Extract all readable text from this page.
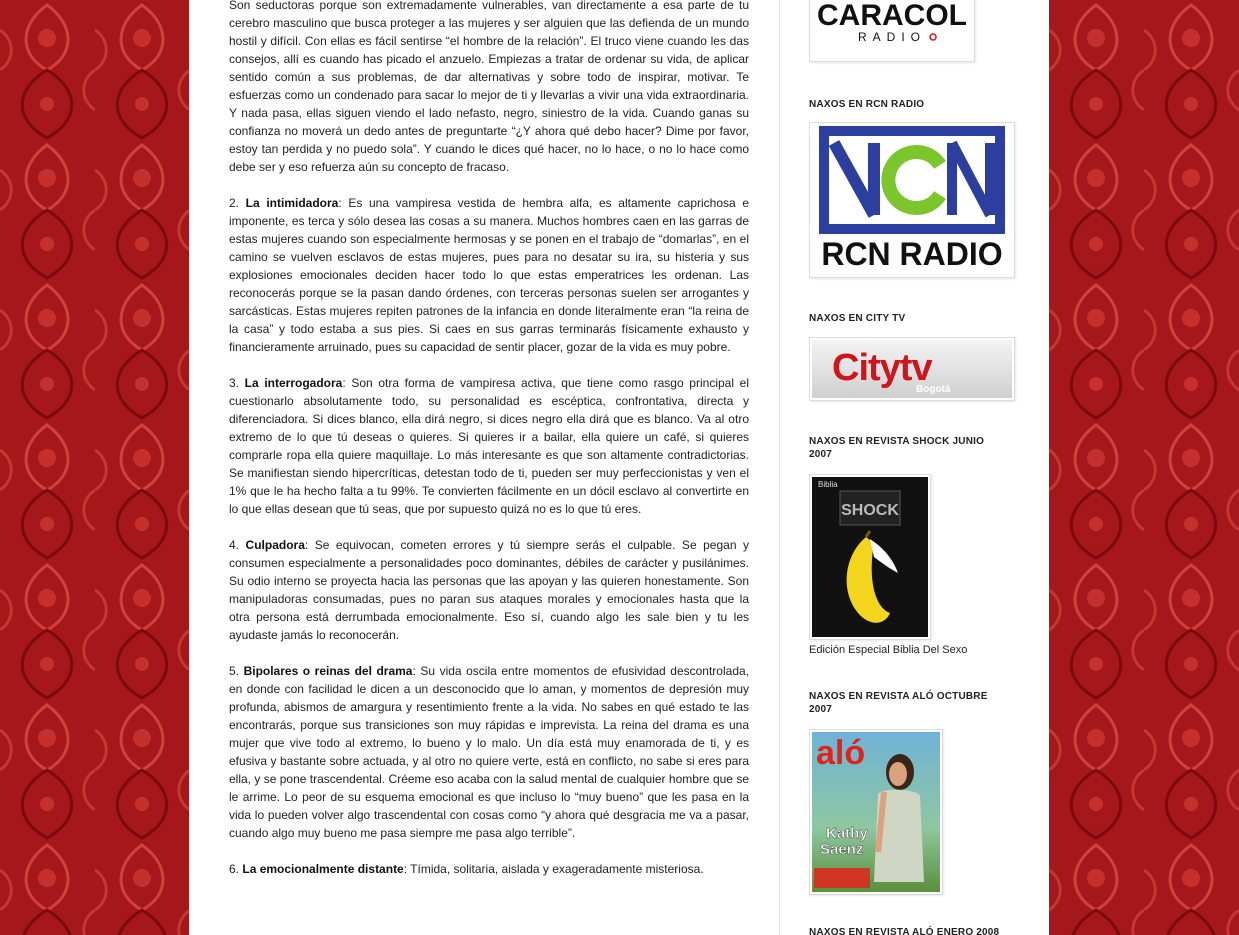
Son seductoras porque son extremadamente vulnerables, van directamente a esa parte de tu cerebro masculino que busca proteger a las mujeres y ser alguien que las defienda de un mundo hostil y difícil. Con ellas es fácil sentirse “el hombre de la relación”. El truco viene cuando les das consejos, allí es cuando has picado el anzuelo. Empiezas a tratar de ordenar su vida, de aplicar sentido común a sus problemas, de dar alternativas y sobre todo de inspirar, motivar. Te esfuerzas como un condenado para sacar lo mejor de ti y llevarlas a vivir una vida extraordinaria. Y nada pasa, ellas siguen viendo el lado nefasto, negro, siniestro de la vida. Cuando ganas su confianza no moverá un dedo antes de preguntarte “¿Y ahora qué debo hacer? Dime por favor, estoy tan perdida y no puedo sola”. Y cuando le dices qué hacer, no lo hace, o no lo hace como debe ser y eso refuerza aún su concepto de fracaso.

2. La intimidadora: Es una vampiresa vestida de hembra alfa, es altamente caprichosa e imponente, es terca y sólo desea las cosas a su manera. Muchos hombres caen en las garras de estas mujeres cuando son especialmente hermosas y se ponen en el trabajo de “domarlas”, en el camino se vuelven esclavos de estas mujeres, pues para no desatar su ira, su histeria y sus explosiones emocionales deciden hacer todo lo que estas emperatrices les ordenan. Las reconocerás porque se la pasan dando órdenes, con terceras personas suelen ser arrogantes y sarcásticas. Estas mujeres repiten patrones de la infancia en donde literalmente eran “la reina de la casa” y todo estaba a sus pies. Si caes en sus garras terminarás físicamente exhausto y financieramente arruinado, pues su capacidad de sentir placer, gozar de la vida es muy pobre.

3. La interrogadora: Son otra forma de vampiresa activa, que tiene como rasgo principal el cuestionarlo absolutamente todo, su personalidad es escéptica, confrontativa, directa y diferenciadora. Si dices blanco, ella dirá negro, si dices negro ella dirá que es blanco. Va al otro extremo de lo que tú deseas o quieres. Si quieres ir a bailar, ella quiere un café, si quieres comprarle ropa ella quiere maquillaje. Lo más interesante es que son altamente contradictorias. Se manifiestan siendo hipercríticas, detestan todo de ti, pueden ser muy perfeccionistas y ven el 1% que le ha hecho falta a tu 99%. Te convierten fácilmente en un dócil esclavo al convertirte en lo que ellas desean que tú seas, que por supuesto quizá no es lo que tú eres.

4. Culpadora: Se equivocan, cometen errores y tú siempre serás el culpable. Se pegan y consumen especialmente a personalidades poco dominantes, débiles de carácter y pusilánimes. Su odio interno se proyecta hacia las personas que las apoyan y las quieren honestamente. Son manipuladoras consumadas, pues no paran sus ataques morales y emocionales hasta que la otra persona está derrumbada emocionalmente. Eso sí, cuando algo les sale bien y tu les ayudaste jamás lo reconocerán.

5. Bipolares o reinas del drama: Su vida oscila entre momentos de efusividad descontrolada, en donde con facilidad le dicen a un desconocido que lo aman, y momentos de depresión muy profunda, abismos de amargura y resentimiento frente a la vida. No sabes en qué estado te las encontrarás, porque sus transiciones son muy rápidas e imprevista. La reina del drama es una mujer que vive todo al extremo, lo bueno y lo malo. Un día está muy enamorada de ti, y es efusiva y bastante sobre actuada, y al otro no quiere verte, está en conflicto, no sabe si eres para ella, y se pone trascendental. Créeme eso acaba con la salud mental de cualquier hombre que se le arrime. Lo peor de su esquema emocional es que incluso lo “muy bueno” que les pasa en la vida lo pueden volver algo trascendental con cosas como “y ahora qué desgracia me va a pasar, cuando algo muy bueno me pasa siempre me pasa algo terrible”.

6. La emocionalmente distante: Tímida, solitaria, aislada y exageradamente misteriosa.

CARACOL
RADIO
NAXOS EN RCN RADIO
RCN RADIO
NAXOS EN CITY TV
Citytv
Bogotá
NAXOS EN REVISTA SHOCK JUNIO 2007
Biblia
SHOCK
Edición Especial Biblia Del Sexo
NAXOS EN REVISTA ALÓ OCTUBRE 2007
aló
Kathy
Saenz
NAXOS EN REVISTA ALÓ ENERO 2008
